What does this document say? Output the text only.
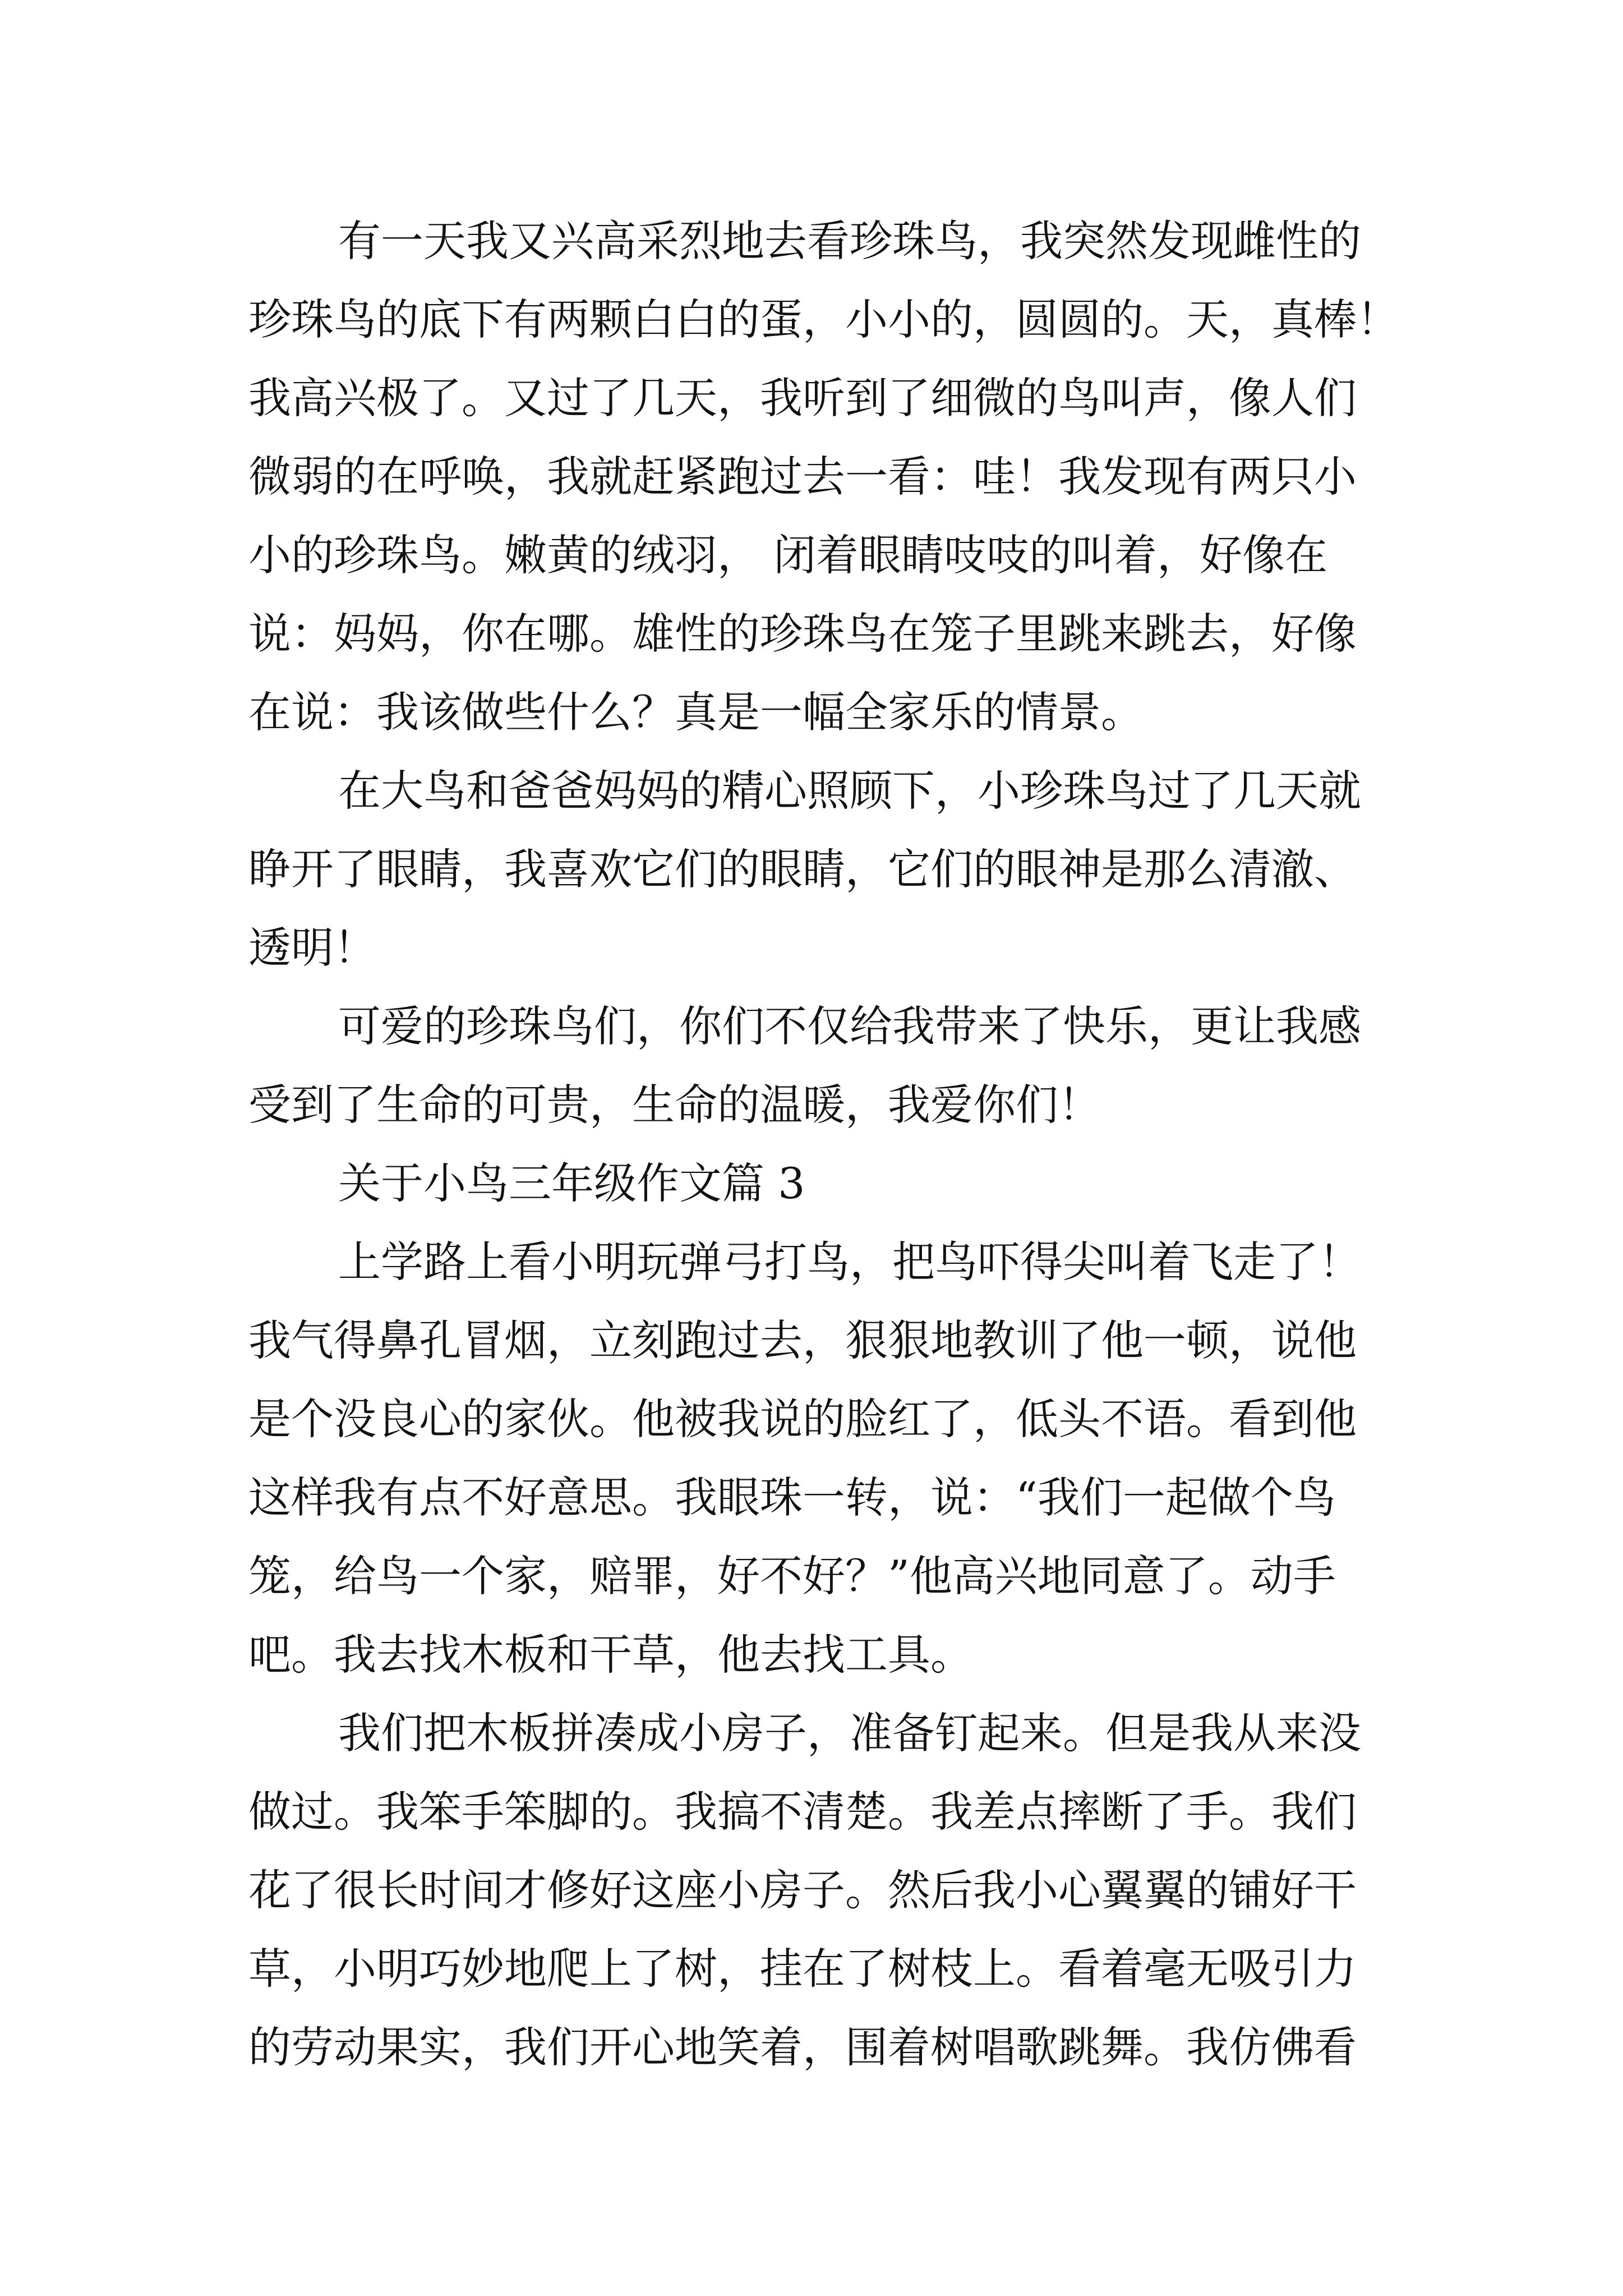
有一天我又兴高采烈地去看珍珠鸟，我突然发现雌性的
珍珠鸟的底下有两颗白白的蛋，小小的，圆圆的。天，真棒！
我高兴极了。又过了几天，我听到了细微的鸟叫声，像人们
微弱的在呼唤，我就赶紧跑过去一看：哇！我发现有两只小
小的珍珠鸟。嫩黄的绒羽， 闭着眼睛吱吱的叫着，好像在
说：妈妈，你在哪。雄性的珍珠鸟在笼子里跳来跳去，好像
在说：我该做些什么？真是一幅全家乐的情景。
在大鸟和爸爸妈妈的精心照顾下，小珍珠鸟过了几天就
睁开了眼睛，我喜欢它们的眼睛，它们的眼神是那么清澈、
透明！
可爱的珍珠鸟们，你们不仅给我带来了快乐，更让我感
受到了生命的可贵，生命的温暖，我爱你们！
关于小鸟三年级作文篇 3
上学路上看小明玩弹弓打鸟，把鸟吓得尖叫着飞走了！
我气得鼻孔冒烟，立刻跑过去，狠狠地教训了他一顿，说他
是个没良心的家伙。他被我说的脸红了，低头不语。看到他
这样我有点不好意思。我眼珠一转，说：“我们一起做个鸟
笼，给鸟一个家，赔罪，好不好？”他高兴地同意了。动手
吧。我去找木板和干草，他去找工具。
我们把木板拼凑成小房子，准备钉起来。但是我从来没
做过。我笨手笨脚的。我搞不清楚。我差点摔断了手。我们
花了很长时间才修好这座小房子。然后我小心翼翼的铺好干
草，小明巧妙地爬上了树，挂在了树枝上。看着毫无吸引力
的劳动果实，我们开心地笑着，围着树唱歌跳舞。我仿佛看
